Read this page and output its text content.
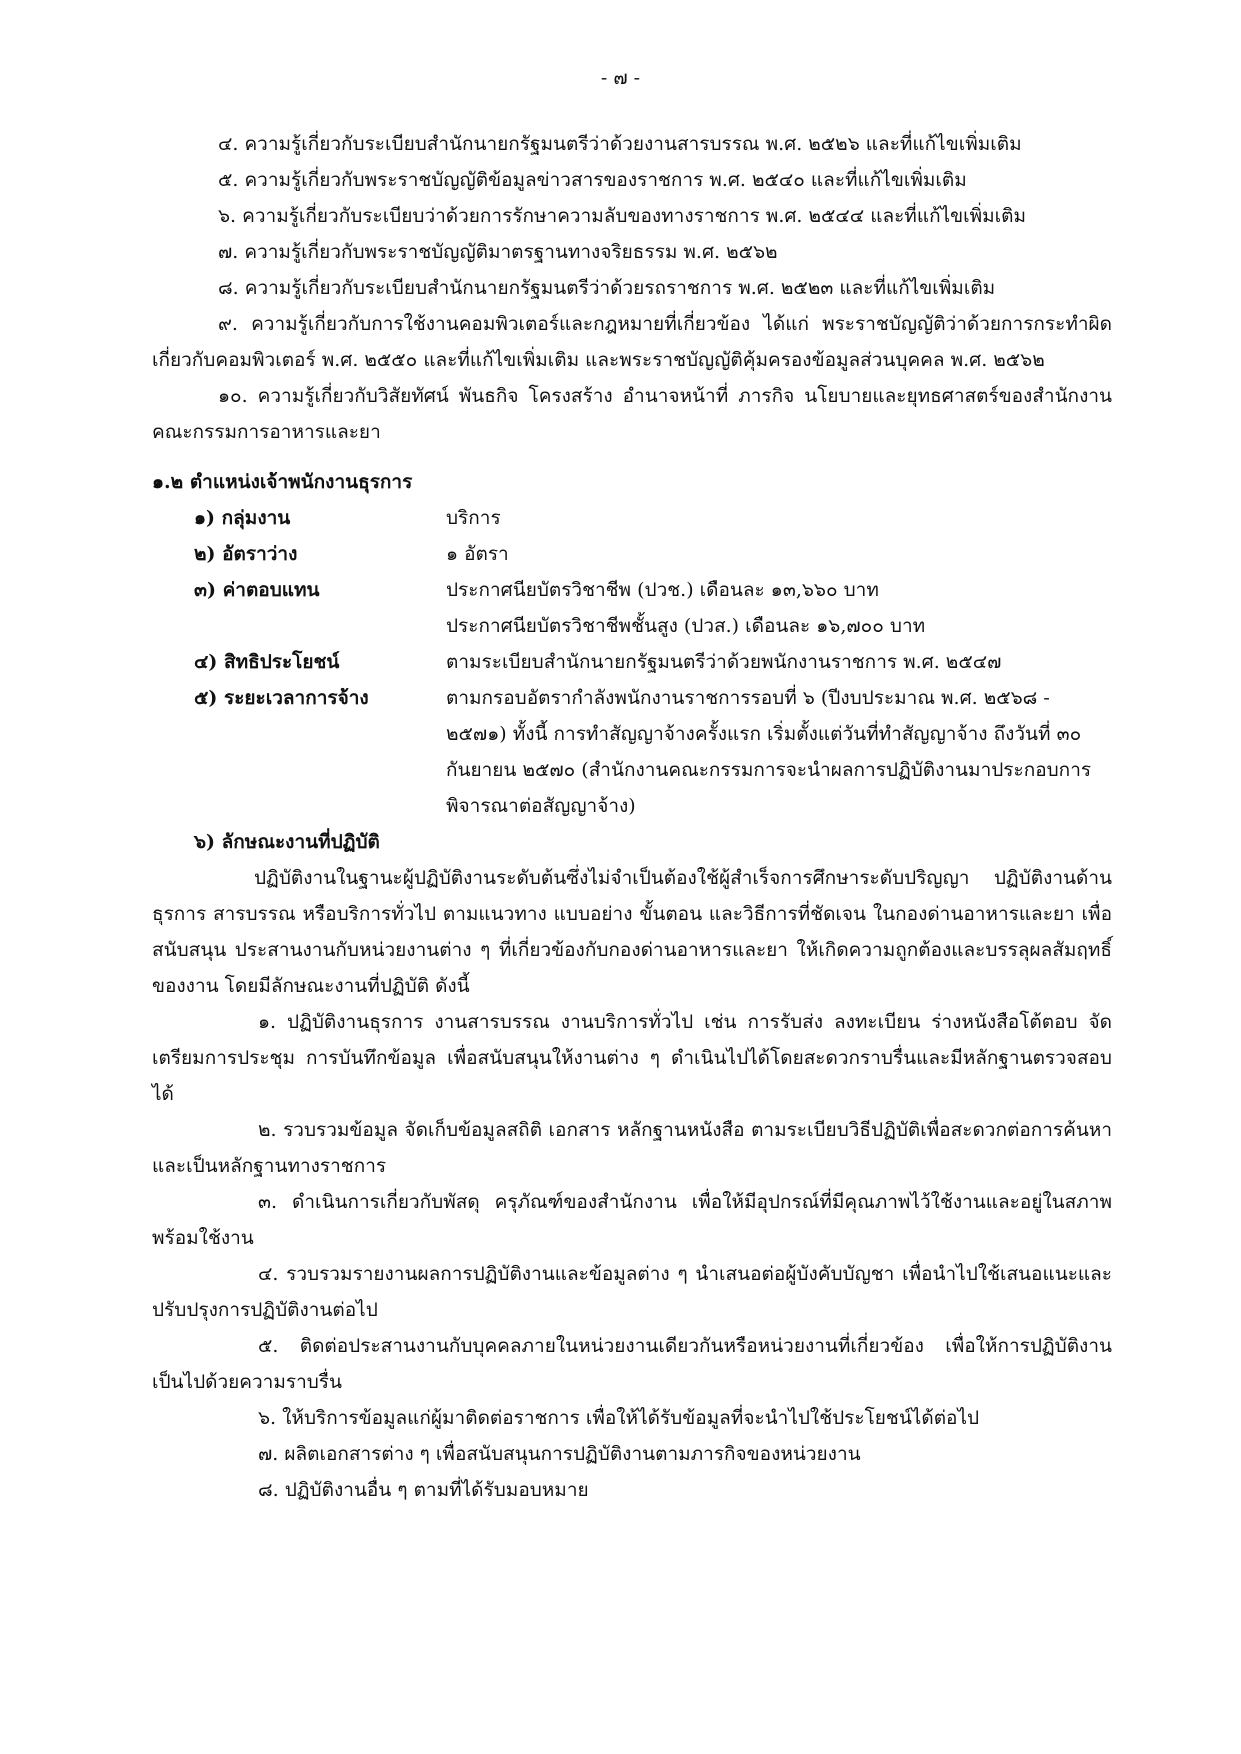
- ๗ -

๔. ความรู้เกี่ยวกับระเบียบสำนักนายกรัฐมนตรีว่าด้วยงานสารบรรณ พ.ศ. ๒๕๒๖ และที่แก้ไขเพิ่มเติม

๕. ความรู้เกี่ยวกับพระราชบัญญัติข้อมูลข่าวสารของราชการ พ.ศ. ๒๕๔๐ และที่แก้ไขเพิ่มเติม

๖. ความรู้เกี่ยวกับระเบียบว่าด้วยการรักษาความลับของทางราชการ พ.ศ. ๒๕๔๔ และที่แก้ไขเพิ่มเติม

๗. ความรู้เกี่ยวกับพระราชบัญญัติมาตรฐานทางจริยธรรม พ.ศ. ๒๕๖๒

๘. ความรู้เกี่ยวกับระเบียบสำนักนายกรัฐมนตรีว่าด้วยรถราชการ พ.ศ. ๒๕๒๓ และที่แก้ไขเพิ่มเติม

๙. ความรู้เกี่ยวกับการใช้งานคอมพิวเตอร์และกฎหมายที่เกี่ยวข้อง ได้แก่ พระราชบัญญัติว่าด้วยการกระทำผิดเกี่ยวกับคอมพิวเตอร์ พ.ศ. ๒๕๕๐ และที่แก้ไขเพิ่มเติม และพระราชบัญญัติคุ้มครองข้อมูลส่วนบุคคล พ.ศ. ๒๕๖๒

๑๐. ความรู้เกี่ยวกับวิสัยทัศน์ พันธกิจ โครงสร้าง อำนาจหน้าที่ ภารกิจ นโยบายและยุทธศาสตร์ของสำนักงานคณะกรรมการอาหารและยา

๑.๒ ตำแหน่งเจ้าพนักงานธุรการ

๑) กลุ่มงาน	บริการ
๒) อัตราว่าง	๑ อัตรา
๓) ค่าตอบแทน	ประกาศนียบัตรวิชาชีพ (ปวช.) เดือนละ ๑๓,๖๖๐ บาท
ประกาศนียบัตรวิชาชีพชั้นสูง (ปวส.) เดือนละ ๑๖,๗๐๐ บาท
๔) สิทธิประโยชน์	ตามระเบียบสำนักนายกรัฐมนตรีว่าด้วยพนักงานราชการ พ.ศ. ๒๕๔๗
๕) ระยะเวลาการจ้าง	ตามกรอบอัตรากำลังพนักงานราชการรอบที่ ๖ (ปีงบประมาณ พ.ศ. ๒๕๖๘ - ๒๕๗๑) ทั้งนี้ การทำสัญญาจ้างครั้งแรก เริ่มตั้งแต่วันที่ทำสัญญาจ้าง ถึงวันที่ ๓๐ กันยายน ๒๕๗๐ (สำนักงานคณะกรรมการจะนำผลการปฏิบัติงานมาประกอบการพิจารณาต่อสัญญาจ้าง)

๖) ลักษณะงานที่ปฏิบัติ

ปฏิบัติงานในฐานะผู้ปฏิบัติงานระดับต้นซึ่งไม่จำเป็นต้องใช้ผู้สำเร็จการศึกษาระดับปริญญา ปฏิบัติงานด้านธุรการ สารบรรณ หรือบริการทั่วไป ตามแนวทาง แบบอย่าง ขั้นตอน และวิธีการที่ชัดเจน ในกองด่านอาหารและยา เพื่อสนับสนุน ประสานงานกับหน่วยงานต่าง ๆ ที่เกี่ยวข้องกับกองด่านอาหารและยา ให้เกิดความถูกต้องและบรรลุผลสัมฤทธิ์ของงาน โดยมีลักษณะงานที่ปฏิบัติ ดังนี้

๑. ปฏิบัติงานธุรการ งานสารบรรณ งานบริการทั่วไป เช่น การรับส่ง ลงทะเบียน ร่างหนังสือโต้ตอบ จัดเตรียมการประชุม การบันทึกข้อมูล เพื่อสนับสนุนให้งานต่าง ๆ ดำเนินไปได้โดยสะดวกราบรื่นและมีหลักฐานตรวจสอบได้

๒. รวบรวมข้อมูล จัดเก็บข้อมูลสถิติ เอกสาร หลักฐานหนังสือ ตามระเบียบวิธีปฏิบัติเพื่อสะดวกต่อการค้นหา และเป็นหลักฐานทางราชการ

๓. ดำเนินการเกี่ยวกับพัสดุ ครุภัณฑ์ของสำนักงาน เพื่อให้มีอุปกรณ์ที่มีคุณภาพไว้ใช้งานและอยู่ในสภาพพร้อมใช้งาน

๔. รวบรวมรายงานผลการปฏิบัติงานและข้อมูลต่าง ๆ นำเสนอต่อผู้บังคับบัญชา เพื่อนำไปใช้เสนอแนะและปรับปรุงการปฏิบัติงานต่อไป

๕. ติดต่อประสานงานกับบุคคลภายในหน่วยงานเดียวกันหรือหน่วยงานที่เกี่ยวข้อง เพื่อให้การปฏิบัติงานเป็นไปด้วยความราบรื่น

๖. ให้บริการข้อมูลแก่ผู้มาติดต่อราชการ เพื่อให้ได้รับข้อมูลที่จะนำไปใช้ประโยชน์ได้ต่อไป

๗. ผลิตเอกสารต่าง ๆ เพื่อสนับสนุนการปฏิบัติงานตามภารกิจของหน่วยงาน

๘. ปฏิบัติงานอื่น ๆ ตามที่ได้รับมอบหมาย
